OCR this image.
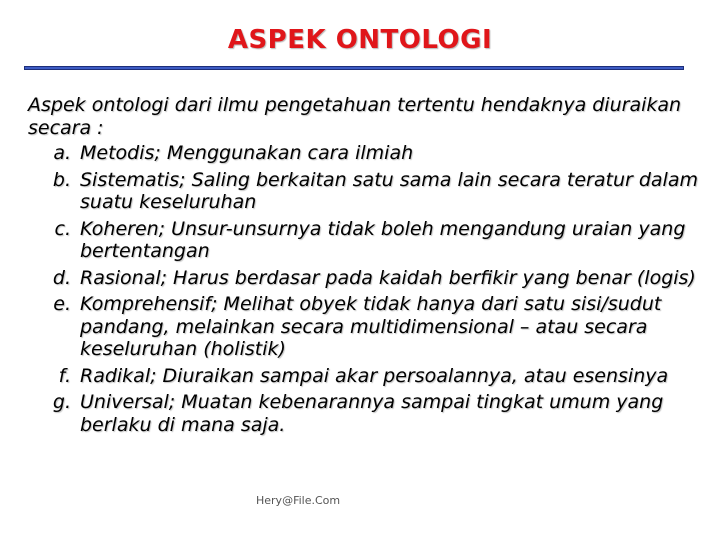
ASPEK ONTOLOGI

Aspek ontologi dari ilmu pengetahuan tertentu hendaknya diuraikan secara :

a. Metodis; Menggunakan cara ilmiah
b. Sistematis; Saling berkaitan satu sama lain secara teratur dalam suatu keseluruhan
c. Koheren; Unsur-unsurnya tidak boleh mengandung uraian yang bertentangan
d. Rasional; Harus berdasar pada kaidah berfikir yang benar (logis)
e. Komprehensif; Melihat obyek tidak hanya dari satu sisi/sudut pandang, melainkan secara multidimensional – atau secara keseluruhan (holistik)
f. Radikal; Diuraikan sampai akar persoalannya, atau esensinya
g. Universal; Muatan kebenarannya sampai tingkat umum yang berlaku di mana saja.
Hery@File.Com
